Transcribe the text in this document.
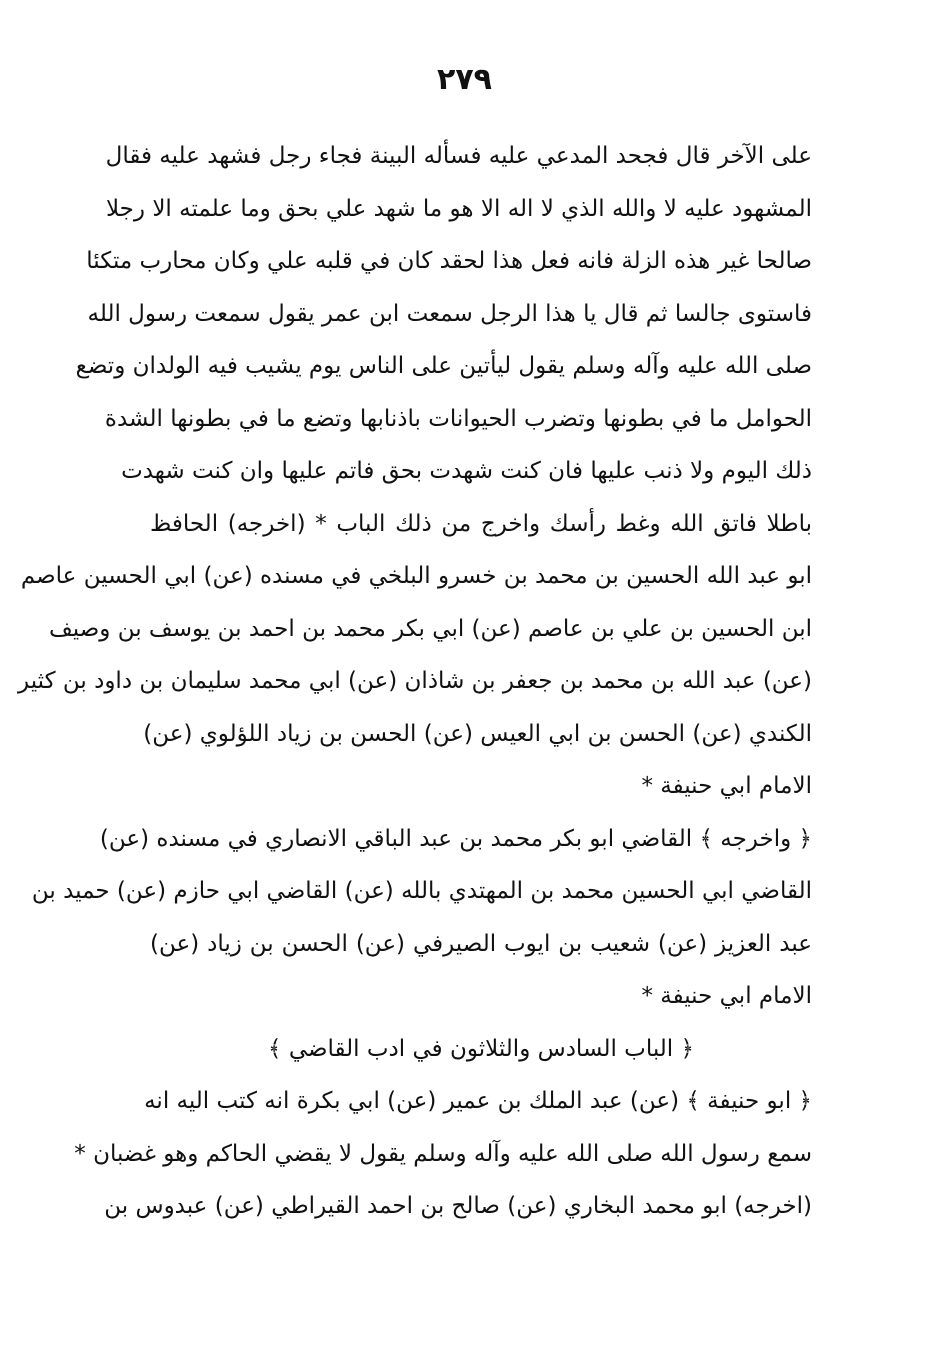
٢٧٩
على الآخر قال فجحد المدعي عليه فسأله البينة فجاء رجل فشهد عليه فقال
المشهود عليه لا والله الذي لا اله الا هو ما شهد علي بحق وما علمته الا رجلا
صالحا غير هذه الزلة فانه فعل هذا لحقد كان في قلبه علي وكان محارب متكئا
فاستوى جالسا ثم قال يا هذا الرجل سمعت ابن عمر يقول سمعت رسول الله
صلى الله عليه وآله وسلم يقول ليأتين على الناس يوم يشيب فيه الولدان وتضع
الحوامل ما في بطونها وتضرب الحيوانات باذنابها وتضع ما في بطونها الشدة
ذلك اليوم ولا ذنب عليها فان كنت شهدت بحق فاتم عليها وان كنت شهدت
باطلا فاتق الله وغط رأسك واخرج من ذلك الباب * (اخرجه) الحافظ
ابو عبد الله الحسين بن محمد بن خسرو البلخي في مسنده (عن) ابي الحسين عاصم
ابن الحسين بن علي بن عاصم (عن) ابي بكر محمد بن احمد بن يوسف بن وصيف
(عن) عبد الله بن محمد بن جعفر بن شاذان (عن) ابي محمد سليمان بن داود بن كثير
الكندي (عن) الحسن بن ابي العيس (عن) الحسن بن زياد اللؤلوي (عن)
الامام ابي حنيفة *
﴿ واخرجه ﴾ القاضي ابو بكر محمد بن عبد الباقي الانصاري في مسنده (عن)
القاضي ابي الحسين محمد بن المهتدي بالله (عن) القاضي ابي حازم (عن) حميد بن
عبد العزيز (عن) شعيب بن ايوب الصيرفي (عن) الحسن بن زياد (عن)
الامام ابي حنيفة *
﴿ الباب السادس والثلاثون في ادب القاضي ﴾
﴿ ابو حنيفة ﴾ (عن) عبد الملك بن عمير (عن) ابي بكرة انه كتب اليه انه
سمع رسول الله صلى الله عليه وآله وسلم يقول لا يقضي الحاكم وهو غضبان *
(اخرجه) ابو محمد البخاري (عن) صالح بن احمد القيراطي (عن) عبدوس بن
